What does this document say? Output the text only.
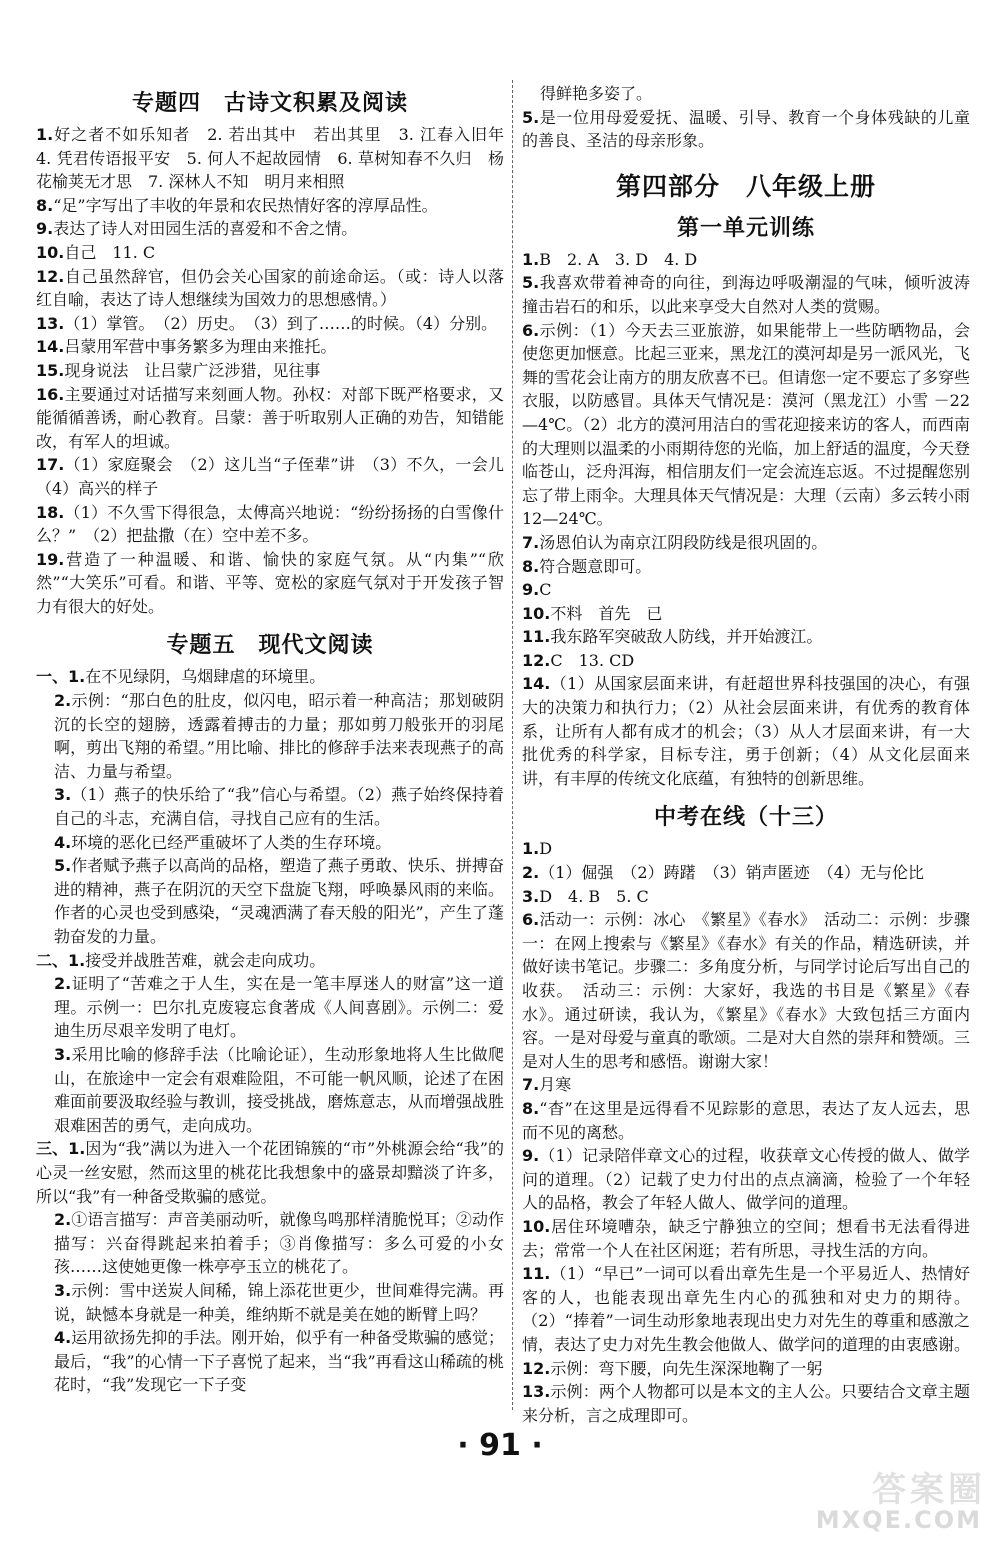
专题四　古诗文积累及阅读

1.好之者不如乐知者　2. 若出其中　若出其里　3. 江春入旧年　4. 凭君传语报平安　5. 何人不起故园情　6. 草树知春不久归　杨花榆荚无才思　7. 深林人不知　明月来相照

8.“足”字写出了丰收的年景和农民热情好客的淳厚品性。

9.表达了诗人对田园生活的喜爱和不舍之情。

10.自己　11. C

12.自己虽然辞官，但仍会关心国家的前途命运。（或：诗人以落红自喻，表达了诗人想继续为国效力的思想感情。）

13.（1）掌管。　（2）历史。　（3）到了……的时候。（4）分别。

14.吕蒙用军营中事务繁多为理由来推托。

15.现身说法　让吕蒙广泛涉猎，见往事

16.主要通过对话描写来刻画人物。孙权：对部下既严格要求，又能循循善诱，耐心教育。吕蒙：善于听取别人正确的劝告，知错能改，有军人的坦诚。

17.（1）家庭聚会　（2）这儿当“子侄辈”讲　（3）不久，一会儿（4）高兴的样子

18.（1）不久雪下得很急，太傅高兴地说：“纷纷扬扬的白雪像什么？”　（2）把盐撒（在）空中差不多。

19.营造了一种温暖、和谐、愉快的家庭气氛。从“内集”“欣然”“大笑乐”可看。和谐、平等、宽松的家庭气氛对于开发孩子智力有很大的好处。

专题五　现代文阅读

一、1.在不见绿阴，乌烟肆虐的环境里。

2.示例：“那白色的肚皮，似闪电，昭示着一种高洁；那划破阴沉的长空的翅膀，透露着搏击的力量；那如剪刀般张开的羽尾啊，剪出飞翔的希望。”用比喻、排比的修辞手法来表现燕子的高洁、力量与希望。

3.（1）燕子的快乐给了“我”信心与希望。（2）燕子始终保持着自己的斗志，充满自信，寻找自己应有的生活。

4.环境的恶化已经严重破坏了人类的生存环境。

5.作者赋予燕子以高尚的品格，塑造了燕子勇敢、快乐、拼搏奋进的精神，燕子在阴沉的天空下盘旋飞翔，呼唤暴风雨的来临。作者的心灵也受到感染，“灵魂洒满了春天般的阳光”，产生了蓬勃奋发的力量。

二、1.接受并战胜苦难，就会走向成功。

2.证明了“苦难之于人生，实在是一笔丰厚迷人的财富”这一道理。示例一：巴尔扎克废寝忘食著成《人间喜剧》。示例二：爱迪生历尽艰辛发明了电灯。

3.采用比喻的修辞手法（比喻论证），生动形象地将人生比做爬山，在旅途中一定会有艰难险阻，不可能一帆风顺，论述了在困难面前要汲取经验与教训，接受挑战，磨炼意志，从而增强战胜艰难困苦的勇气，走向成功。

三、1.因为“我”满以为进入一个花团锦簇的“市”外桃源会给“我”的心灵一丝安慰，然而这里的桃花比我想象中的盛景却黯淡了许多，所以“我”有一种备受欺骗的感觉。

2.①语言描写：声音美丽动听，就像鸟鸣那样清脆悦耳；②动作描写：兴奋得跳起来拍着手；③肖像描写：多么可爱的小女孩……这使她更像一株亭亭玉立的桃花了。

3.示例：雪中送炭人间稀，锦上添花世更少，世间难得完满。再说，缺憾本身就是一种美，维纳斯不就是美在她的断臂上吗？

4.运用欲扬先抑的手法。刚开始，似乎有一种备受欺骗的感觉；最后，“我”的心情一下子喜悦了起来，当“我”再看这山稀疏的桃花时，“我”发现它一下子变

得鲜艳多姿了。

5.是一位用母爱爱抚、温暖、引导、教育一个身体残缺的儿童的善良、圣洁的母亲形象。

第四部分　八年级上册
第一单元训练

1.B　2. A　3. D　4. D

5.我喜欢带着神奇的向往，到海边呼吸潮湿的气味，倾听波涛撞击岩石的和乐，以此来享受大自然对人类的赏赐。

6.示例：（1）今天去三亚旅游，如果能带上一些防晒物品，会使您更加惬意。比起三亚来，黑龙江的漠河却是另一派风光，飞舞的雪花会让南方的朋友欣喜不已。但请您一定不要忘了多穿些衣服，以防感冒。具体天气情况是：漠河（黑龙江）小雪 －22—4℃。（2）北方的漠河用洁白的雪花迎接来访的客人，而西南的大理则以温柔的小雨期待您的光临，加上舒适的温度，今天登临苍山，泛舟洱海，相信朋友们一定会流连忘返。不过提醒您别忘了带上雨伞。大理具体天气情况是：大理（云南）多云转小雨 12—24℃。

7.汤恩伯认为南京江阴段防线是很巩固的。

8.符合题意即可。

9.C

10.不料　首先　已

11.我东路军突破敌人防线，并开始渡江。

12.C　13. CD

14.（1）从国家层面来讲，有赶超世界科技强国的决心，有强大的决策力和执行力；（2）从社会层面来讲，有优秀的教育体系，让所有人都有成才的机会；（3）从人才层面来讲，有一大批优秀的科学家，目标专注，勇于创新；（4）从文化层面来讲，有丰厚的传统文化底蕴，有独特的创新思维。

中考在线（十三）

1.D

2.（1）倔强　（2）踌躇　（3）销声匿迹　（4）无与伦比

3.D　4. B　5. C

6.活动一：示例：冰心　《繁星》《春水》　活动二：示例：步骤一：在网上搜索与《繁星》《春水》有关的作品，精选研读，并做好读书笔记。步骤二：多角度分析，与同学讨论后写出自己的收获。　活动三：示例：大家好，我选的书目是《繁星》《春水》。通过研读，我认为，《繁星》《春水》大致包括三方面内容。一是对母爱与童真的歌颂。二是对大自然的崇拜和赞颂。三是对人生的思考和感悟。谢谢大家！

7.月寒

8.“杳”在这里是远得看不见踪影的意思，表达了友人远去，思而不见的离愁。

9.（1）记录陪伴章文心的过程，收获章文心传授的做人、做学问的道理。（2）记载了史力付出的点点滴滴，检验了一个年轻人的品格，教会了年轻人做人、做学问的道理。

10.居住环境嘈杂，缺乏宁静独立的空间；想看书无法看得进去；常常一个人在社区闲逛；若有所思，寻找生活的方向。

11.（1）“早已”一词可以看出章先生是一个平易近人、热情好客的人，也能表现出章先生内心的孤独和对史力的期待。（2）“捧着”一词生动形象地表现出史力对先生的尊重和感激之情，表达了史力对先生教会他做人、做学问的道理的由衷感谢。

12.示例：弯下腰，向先生深深地鞠了一躬

13.示例：两个人物都可以是本文的主人公。只要结合文章主题来分析，言之成理即可。

· 91 ·
答案圈
MXQE.COM
